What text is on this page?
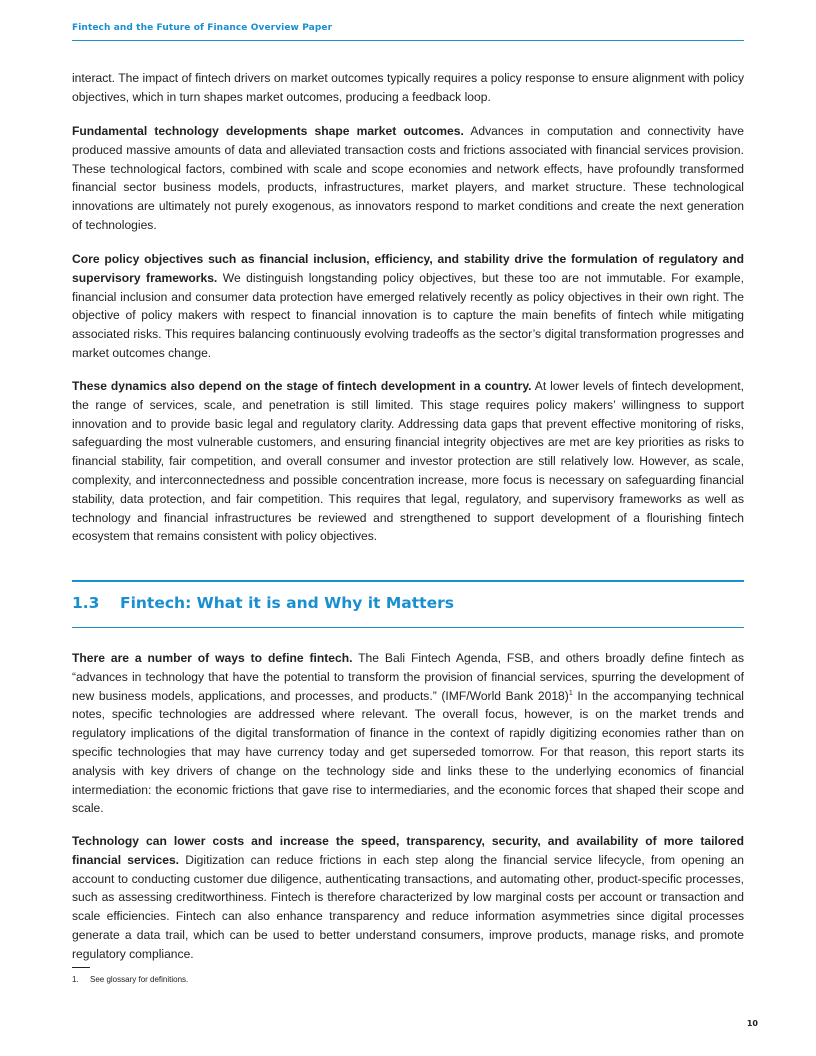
Fintech and the Future of Finance Overview Paper

interact. The impact of fintech drivers on market outcomes typically requires a policy response to ensure alignment with policy objectives, which in turn shapes market outcomes, producing a feedback loop.

Fundamental technology developments shape market outcomes. Advances in computation and connectivity have produced massive amounts of data and alleviated transaction costs and frictions associated with financial services provision. These technological factors, combined with scale and scope economies and network effects, have profoundly transformed financial sector business models, products, infrastructures, market players, and market structure. These technological innovations are ultimately not purely exogenous, as innovators respond to market conditions and create the next generation of technologies.

Core policy objectives such as financial inclusion, efficiency, and stability drive the formulation of regulatory and supervisory frameworks. We distinguish longstanding policy objectives, but these too are not immutable. For example, financial inclusion and consumer data protection have emerged relatively recently as policy objectives in their own right. The objective of policy makers with respect to financial innovation is to capture the main benefits of fintech while mitigating associated risks. This requires balancing continuously evolving tradeoffs as the sector’s digital transformation progresses and market outcomes change.

These dynamics also depend on the stage of fintech development in a country. At lower levels of fintech development, the range of services, scale, and penetration is still limited. This stage requires policy makers’ willingness to support innovation and to provide basic legal and regulatory clarity. Addressing data gaps that prevent effective monitoring of risks, safeguarding the most vulnerable customers, and ensuring financial integrity objectives are met are key priorities as risks to financial stability, fair competition, and overall consumer and investor protection are still relatively low. However, as scale, complexity, and interconnectedness and possible concentration increase, more focus is necessary on safeguarding financial stability, data protection, and fair competition. This requires that legal, regulatory, and supervisory frameworks as well as technology and financial infrastructures be reviewed and strengthened to support development of a flourishing fintech ecosystem that remains consistent with policy objectives.

1.3 Fintech: What it is and Why it Matters

There are a number of ways to define fintech. The Bali Fintech Agenda, FSB, and others broadly define fintech as “advances in technology that have the potential to transform the provision of financial services, spurring the development of new business models, applications, and processes, and products.” (IMF/World Bank 2018)$^1$ In the accompanying technical notes, specific technologies are addressed where relevant. The overall focus, however, is on the market trends and regulatory implications of the digital transformation of finance in the context of rapidly digitizing economies rather than on specific technologies that may have currency today and get superseded tomorrow. For that reason, this report starts its analysis with key drivers of change on the technology side and links these to the underlying economics of financial intermediation: the economic frictions that gave rise to intermediaries, and the economic forces that shaped their scope and scale.

Technology can lower costs and increase the speed, transparency, security, and availability of more tailored financial services. Digitization can reduce frictions in each step along the financial service lifecycle, from opening an account to conducting customer due diligence, authenticating transactions, and automating other, product-specific processes, such as assessing creditworthiness. Fintech is therefore characterized by low marginal costs per account or transaction and scale efficiencies. Fintech can also enhance transparency and reduce information asymmetries since digital processes generate a data trail, which can be used to better understand consumers, improve products, manage risks, and promote regulatory compliance.

1. See glossary for definitions.
10
